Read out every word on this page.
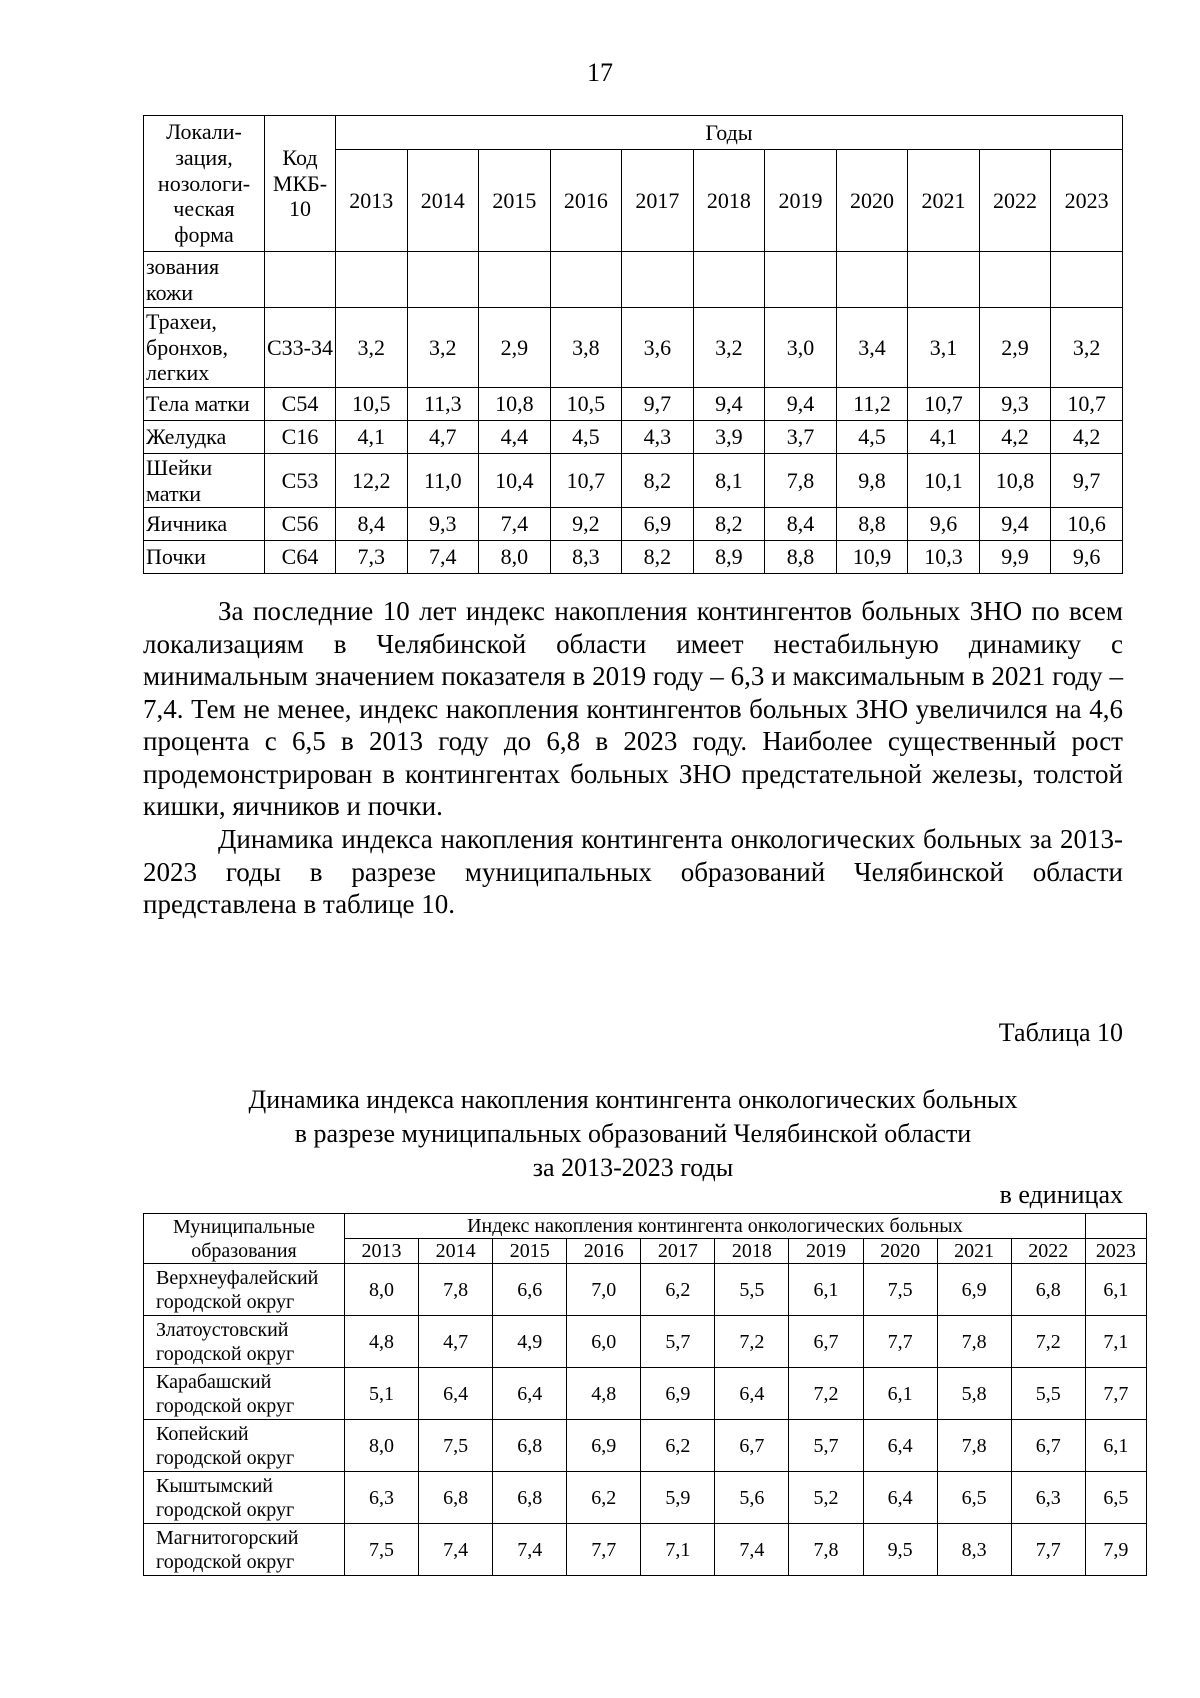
17
Локали-
зация,
нозологи-
ческая
форма	Код
МКБ-
10	Годы										
		2013	2014	2015	2016	2017	2018	2019	2020	2021	2022	2023
зования
кожи												
Трахеи,
бронхов,
легких	С33-34	3,2	3,2	2,9	3,8	3,6	3,2	3,0	3,4	3,1	2,9	3,2
Тела матки	С54	10,5	11,3	10,8	10,5	9,7	9,4	9,4	11,2	10,7	9,3	10,7
Желудка	С16	4,1	4,7	4,4	4,5	4,3	3,9	3,7	4,5	4,1	4,2	4,2
Шейки
матки	С53	12,2	11,0	10,4	10,7	8,2	8,1	7,8	9,8	10,1	10,8	9,7
Яичника	С56	8,4	9,3	7,4	9,2	6,9	8,2	8,4	8,8	9,6	9,4	10,6
Почки	С64	7,3	7,4	8,0	8,3	8,2	8,9	8,8	10,9	10,3	9,9	9,6

За последние 10 лет индекс накопления контингентов больных ЗНО по всем локализациям в Челябинской области имеет нестабильную динамику с минимальным значением показателя в 2019 году – 6,3 и максимальным в 2021 году – 7,4. Тем не менее, индекс накопления контингентов больных ЗНО увеличился на 4,6 процента с 6,5 в 2013 году до 6,8 в 2023 году. Наиболее существенный рост продемонстрирован в контингентах больных ЗНО предстательной железы, толстой кишки, яичников и почки.

Динамика индекса накопления контингента онкологических больных за 2013-2023 годы в разрезе муниципальных образований Челябинской области представлена в таблице 10.

Таблица 10
Динамика индекса накопления контингента онкологических больных
в разрезе муниципальных образований Челябинской области
за 2013-2023 годы
в единицах
Муниципальные
образования	Индекс накопления контингента онкологических больных										
	2013	2014	2015	2016	2017	2018	2019	2020	2021	2022	2023
Верхнеуфалейский
городской округ	8,0	7,8	6,6	7,0	6,2	5,5	6,1	7,5	6,9	6,8	6,1
Златоустовский
городской округ	4,8	4,7	4,9	6,0	5,7	7,2	6,7	7,7	7,8	7,2	7,1
Карабашский
городской округ	5,1	6,4	6,4	4,8	6,9	6,4	7,2	6,1	5,8	5,5	7,7
Копейский
городской округ	8,0	7,5	6,8	6,9	6,2	6,7	5,7	6,4	7,8	6,7	6,1
Кыштымский
городской округ	6,3	6,8	6,8	6,2	5,9	5,6	5,2	6,4	6,5	6,3	6,5
Магнитогорский
городской округ	7,5	7,4	7,4	7,7	7,1	7,4	7,8	9,5	8,3	7,7	7,9
